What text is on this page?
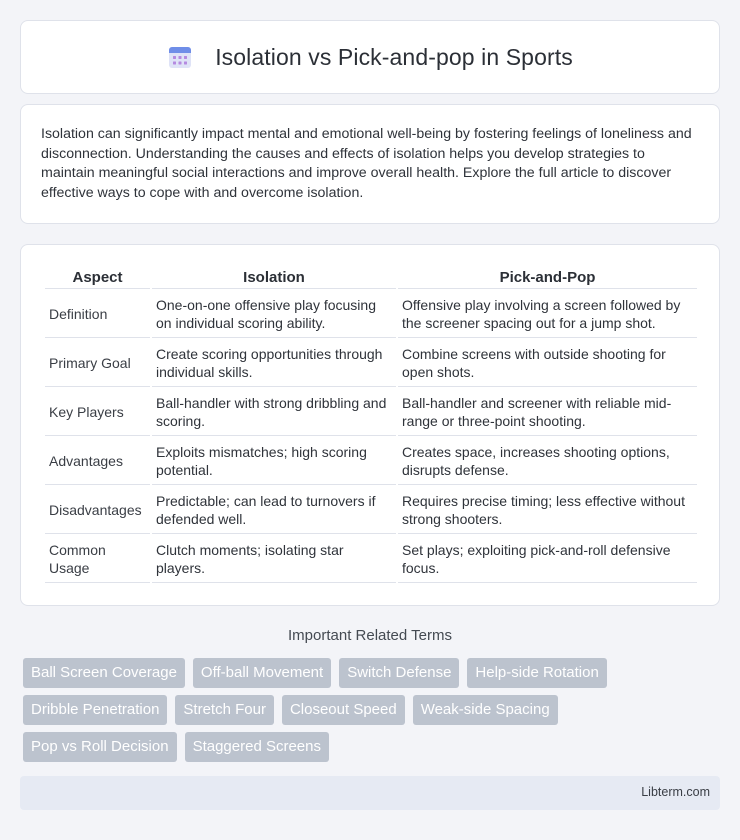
Isolation vs Pick-and-pop in Sports

Isolation can significantly impact mental and emotional well-being by fostering feelings of loneliness and disconnection. Understanding the causes and effects of isolation helps you develop strategies to maintain meaningful social interactions and improve overall health. Explore the full article to discover effective ways to cope with and overcome isolation.

Aspect	Isolation	Pick-and-Pop
Definition	One-on-one offensive play focusing on individual scoring ability.	Offensive play involving a screen followed by the screener spacing out for a jump shot.
Primary Goal	Create scoring opportunities through individual skills.	Combine screens with outside shooting for open shots.
Key Players	Ball-handler with strong dribbling and scoring.	Ball-handler and screener with reliable mid-range or three-point shooting.
Advantages	Exploits mismatches; high scoring potential.	Creates space, increases shooting options, disrupts defense.
Disadvantages	Predictable; can lead to turnovers if defended well.	Requires precise timing; less effective without strong shooters.
Common Usage	Clutch moments; isolating star players.	Set plays; exploiting pick-and-roll defensive focus.
Important Related Terms
Ball Screen Coverage	Off-ball Movement	Switch Defense	Help-side Rotation
Dribble Penetration	Stretch Four	Closeout Speed	Weak-side Spacing
Pop vs Roll Decision	Staggered Screens
Libterm.com
